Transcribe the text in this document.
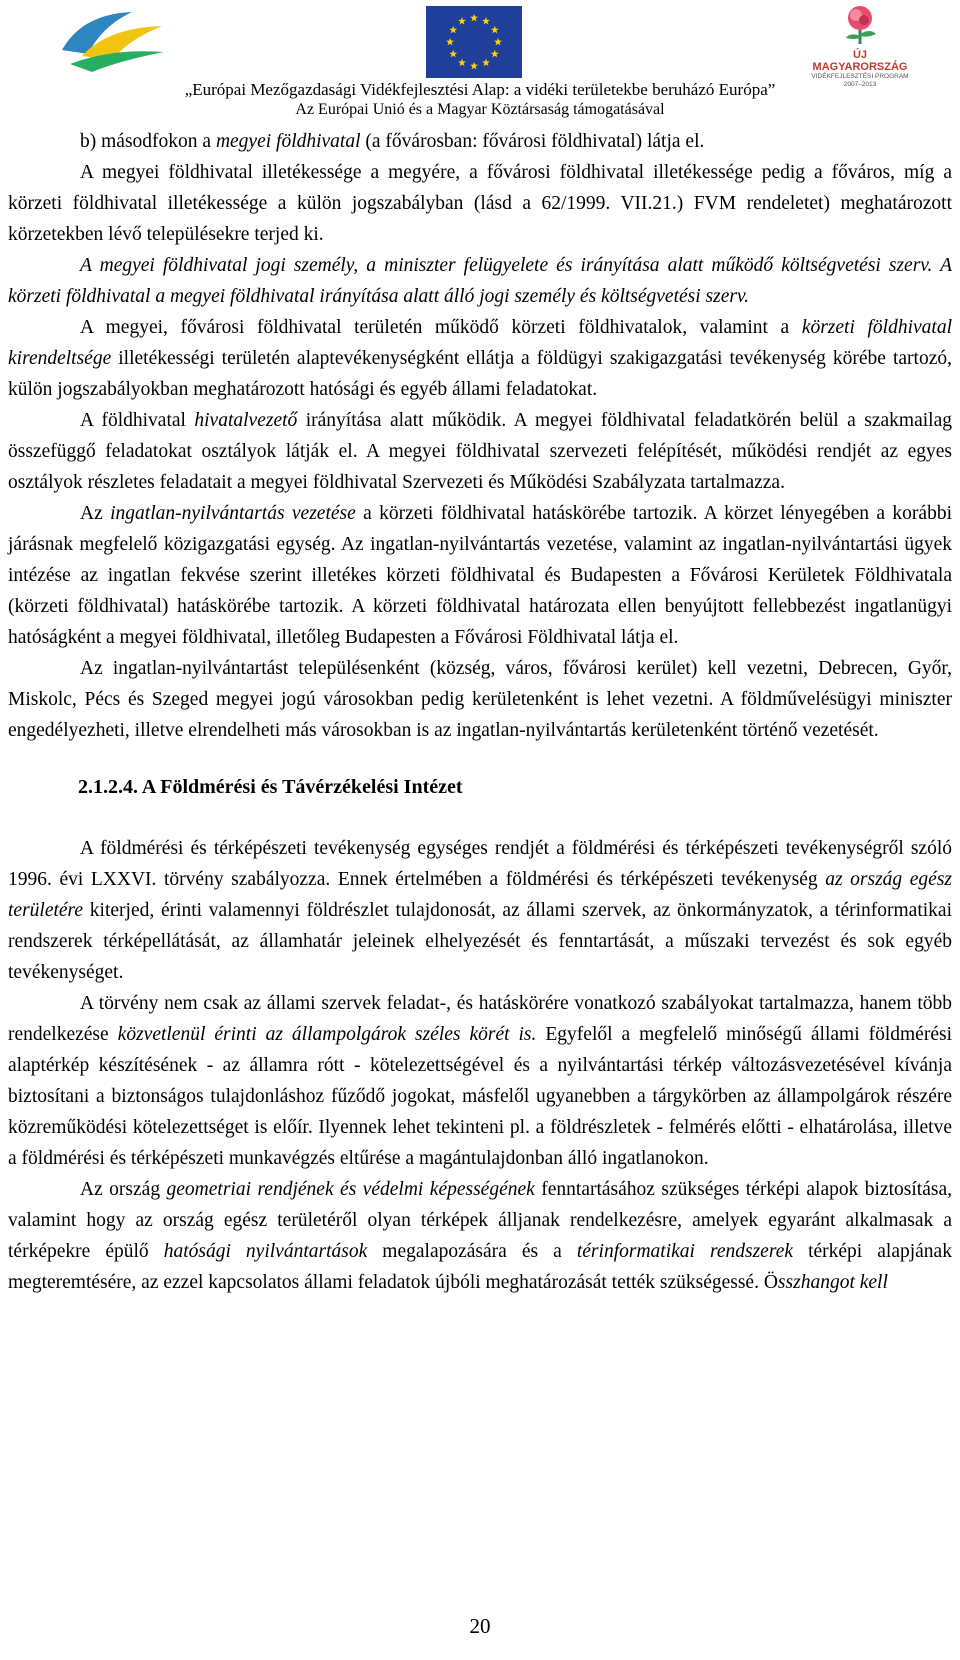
ÚJ MAGYARORSZÁG
VIDÉKFEJLESZTÉSI PROGRAM
2007–2013
„Európai Mezőgazdasági Vidékfejlesztési Alap: a vidéki területekbe beruházó Európa”
Az Európai Unió és a Magyar Köztársaság támogatásával

b) másodfokon a megyei földhivatal (a fővárosban: fővárosi földhivatal) látja el.

A megyei földhivatal illetékessége a megyére, a fővárosi földhivatal illetékessége pedig a főváros, míg a körzeti földhivatal illetékessége a külön jogszabályban (lásd a 62/1999. VII.21.) FVM rendeletet) meghatározott körzetekben lévő településekre terjed ki.

A megyei földhivatal jogi személy, a miniszter felügyelete és irányítása alatt működő költségvetési szerv. A körzeti földhivatal a megyei földhivatal irányítása alatt álló jogi személy és költségvetési szerv.

A megyei, fővárosi földhivatal területén működő körzeti földhivatalok, valamint a körzeti földhivatal kirendeltsége illetékességi területén alaptevékenységként ellátja a földügyi szakigazgatási tevékenység körébe tartozó, külön jogszabályokban meghatározott hatósági és egyéb állami feladatokat.

A földhivatal hivatalvezető irányítása alatt működik. A megyei földhivatal feladatkörén belül a szakmailag összefüggő feladatokat osztályok látják el. A megyei földhivatal szervezeti felépítését, működési rendjét az egyes osztályok részletes feladatait a megyei földhivatal Szervezeti és Működési Szabályzata tartalmazza.

Az ingatlan-nyilvántartás vezetése a körzeti földhivatal hatáskörébe tartozik. A körzet lényegében a korábbi járásnak megfelelő közigazgatási egység. Az ingatlan-nyilvántartás vezetése, valamint az ingatlan-nyilvántartási ügyek intézése az ingatlan fekvése szerint illetékes körzeti földhivatal és Budapesten a Fővárosi Kerületek Földhivatala (körzeti földhivatal) hatáskörébe tartozik. A körzeti földhivatal határozata ellen benyújtott fellebbezést ingatlanügyi hatóságként a megyei földhivatal, illetőleg Budapesten a Fővárosi Földhivatal látja el.

Az ingatlan-nyilvántartást településenként (község, város, fővárosi kerület) kell vezetni, Debrecen, Győr, Miskolc, Pécs és Szeged megyei jogú városokban pedig kerületenként is lehet vezetni. A földművelésügyi miniszter engedélyezheti, illetve elrendelheti más városokban is az ingatlan-nyilvántartás kerületenként történő vezetését.

2.1.2.4. A Földmérési és Távérzékelési Intézet

A földmérési és térképészeti tevékenység egységes rendjét a földmérési és térképészeti tevékenységről szóló 1996. évi LXXVI. törvény szabályozza. Ennek értelmében a földmérési és térképészeti tevékenység az ország egész területére kiterjed, érinti valamennyi földrészlet tulajdonosát, az állami szervek, az önkormányzatok, a térinformatikai rendszerek térképellátását, az államhatár jeleinek elhelyezését és fenntartását, a műszaki tervezést és sok egyéb tevékenységet.

A törvény nem csak az állami szervek feladat-, és hatáskörére vonatkozó szabályokat tartalmazza, hanem több rendelkezése közvetlenül érinti az állampolgárok széles körét is. Egyfelől a megfelelő minőségű állami földmérési alaptérkép készítésének - az államra rótt - kötelezettségével és a nyilvántartási térkép változásvezetésével kívánja biztosítani a biztonságos tulajdonláshoz fűződő jogokat, másfelől ugyanebben a tárgykörben az állampolgárok részére közreműködési kötelezettséget is előír. Ilyennek lehet tekinteni pl. a földrészletek - felmérés előtti - elhatárolása, illetve a földmérési és térképészeti munkavégzés eltűrése a magántulajdonban álló ingatlanokon.

Az ország geometriai rendjének és védelmi képességének fenntartásához szükséges térképi alapok biztosítása, valamint hogy az ország egész területéről olyan térképek álljanak rendelkezésre, amelyek egyaránt alkalmasak a térképekre épülő hatósági nyilvántartások megalapozására és a térinformatikai rendszerek térképi alapjának megteremtésére, az ezzel kapcsolatos állami feladatok újbóli meghatározását tették szükségessé. Összhangot kell

20
